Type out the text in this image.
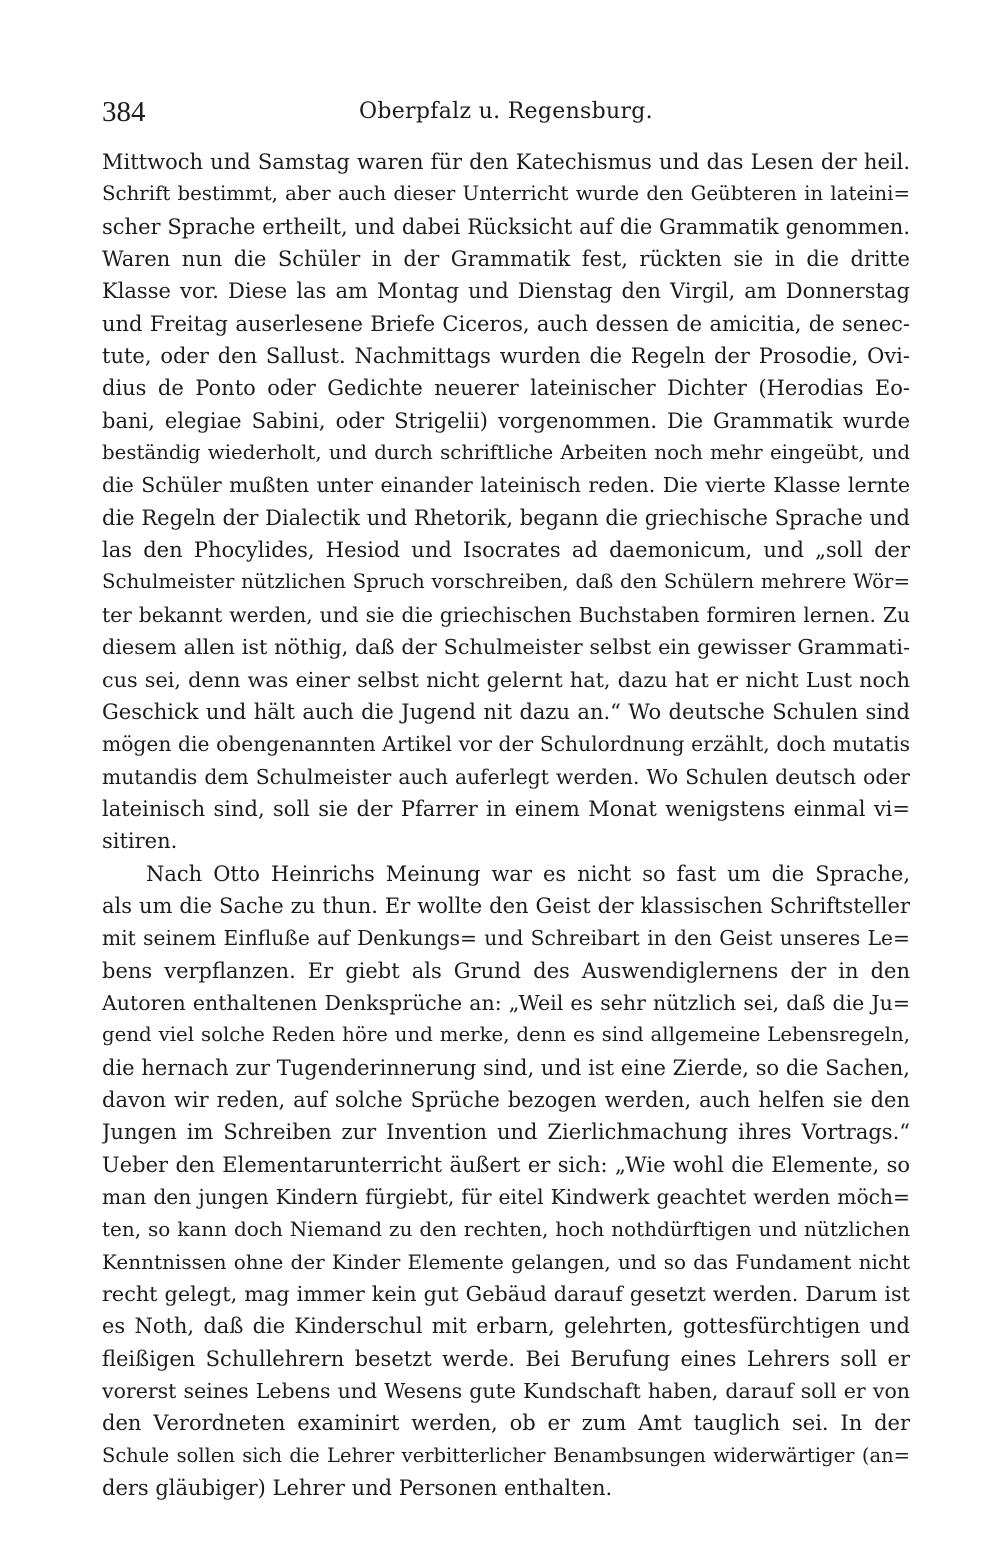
384	Oberpfalz u. Regensburg.
Mittwoch und Samstag waren für den Katechismus und das Lesen der heil.
Schrift bestimmt, aber auch dieser Unterricht wurde den Geübteren in lateini=
scher Sprache ertheilt, und dabei Rücksicht auf die Grammatik genommen.
Waren nun die Schüler in der Grammatik fest, rückten sie in die dritte
Klasse vor. Diese las am Montag und Dienstag den Virgil, am Donnerstag
und Freitag auserlesene Briefe Ciceros, auch dessen de amicitia, de senec-
tute, oder den Sallust. Nachmittags wurden die Regeln der Prosodie, Ovi-
dius de Ponto oder Gedichte neuerer lateinischer Dichter (Herodias Eo-
bani, elegiae Sabini, oder Strigelii) vorgenommen. Die Grammatik wurde
beständig wiederholt, und durch schriftliche Arbeiten noch mehr eingeübt, und
die Schüler mußten unter einander lateinisch reden. Die vierte Klasse lernte
die Regeln der Dialectik und Rhetorik, begann die griechische Sprache und
las den Phocylides, Hesiod und Isocrates ad daemonicum, und „soll der
Schulmeister nützlichen Spruch vorschreiben, daß den Schülern mehrere Wör=
ter bekannt werden, und sie die griechischen Buchstaben formiren lernen. Zu
diesem allen ist nöthig, daß der Schulmeister selbst ein gewisser Grammati-
cus sei, denn was einer selbst nicht gelernt hat, dazu hat er nicht Lust noch
Geschick und hält auch die Jugend nit dazu an.“ Wo deutsche Schulen sind
mögen die obengenannten Artikel vor der Schulordnung erzählt, doch mutatis
mutandis dem Schulmeister auch auferlegt werden. Wo Schulen deutsch oder
lateinisch sind, soll sie der Pfarrer in einem Monat wenigstens einmal vi=
sitiren.
Nach Otto Heinrichs Meinung war es nicht so fast um die Sprache,
als um die Sache zu thun. Er wollte den Geist der klassischen Schriftsteller
mit seinem Einfluße auf Denkungs= und Schreibart in den Geist unseres Le=
bens verpflanzen. Er giebt als Grund des Auswendiglernens der in den
Autoren enthaltenen Denksprüche an: „Weil es sehr nützlich sei, daß die Ju=
gend viel solche Reden höre und merke, denn es sind allgemeine Lebensregeln,
die hernach zur Tugenderinnerung sind, und ist eine Zierde, so die Sachen,
davon wir reden, auf solche Sprüche bezogen werden, auch helfen sie den
Jungen im Schreiben zur Invention und Zierlichmachung ihres Vortrags.“
Ueber den Elementarunterricht äußert er sich: „Wie wohl die Elemente, so
man den jungen Kindern fürgiebt, für eitel Kindwerk geachtet werden möch=
ten, so kann doch Niemand zu den rechten, hoch nothdürftigen und nützlichen
Kenntnissen ohne der Kinder Elemente gelangen, und so das Fundament nicht
recht gelegt, mag immer kein gut Gebäud darauf gesetzt werden. Darum ist
es Noth, daß die Kinderschul mit erbarn, gelehrten, gottesfürchtigen und
fleißigen Schullehrern besetzt werde. Bei Berufung eines Lehrers soll er
vorerst seines Lebens und Wesens gute Kundschaft haben, darauf soll er von
den Verordneten examinirt werden, ob er zum Amt tauglich sei. In der
Schule sollen sich die Lehrer verbitterlicher Benambsungen widerwärtiger (an=
ders gläubiger) Lehrer und Personen enthalten.
